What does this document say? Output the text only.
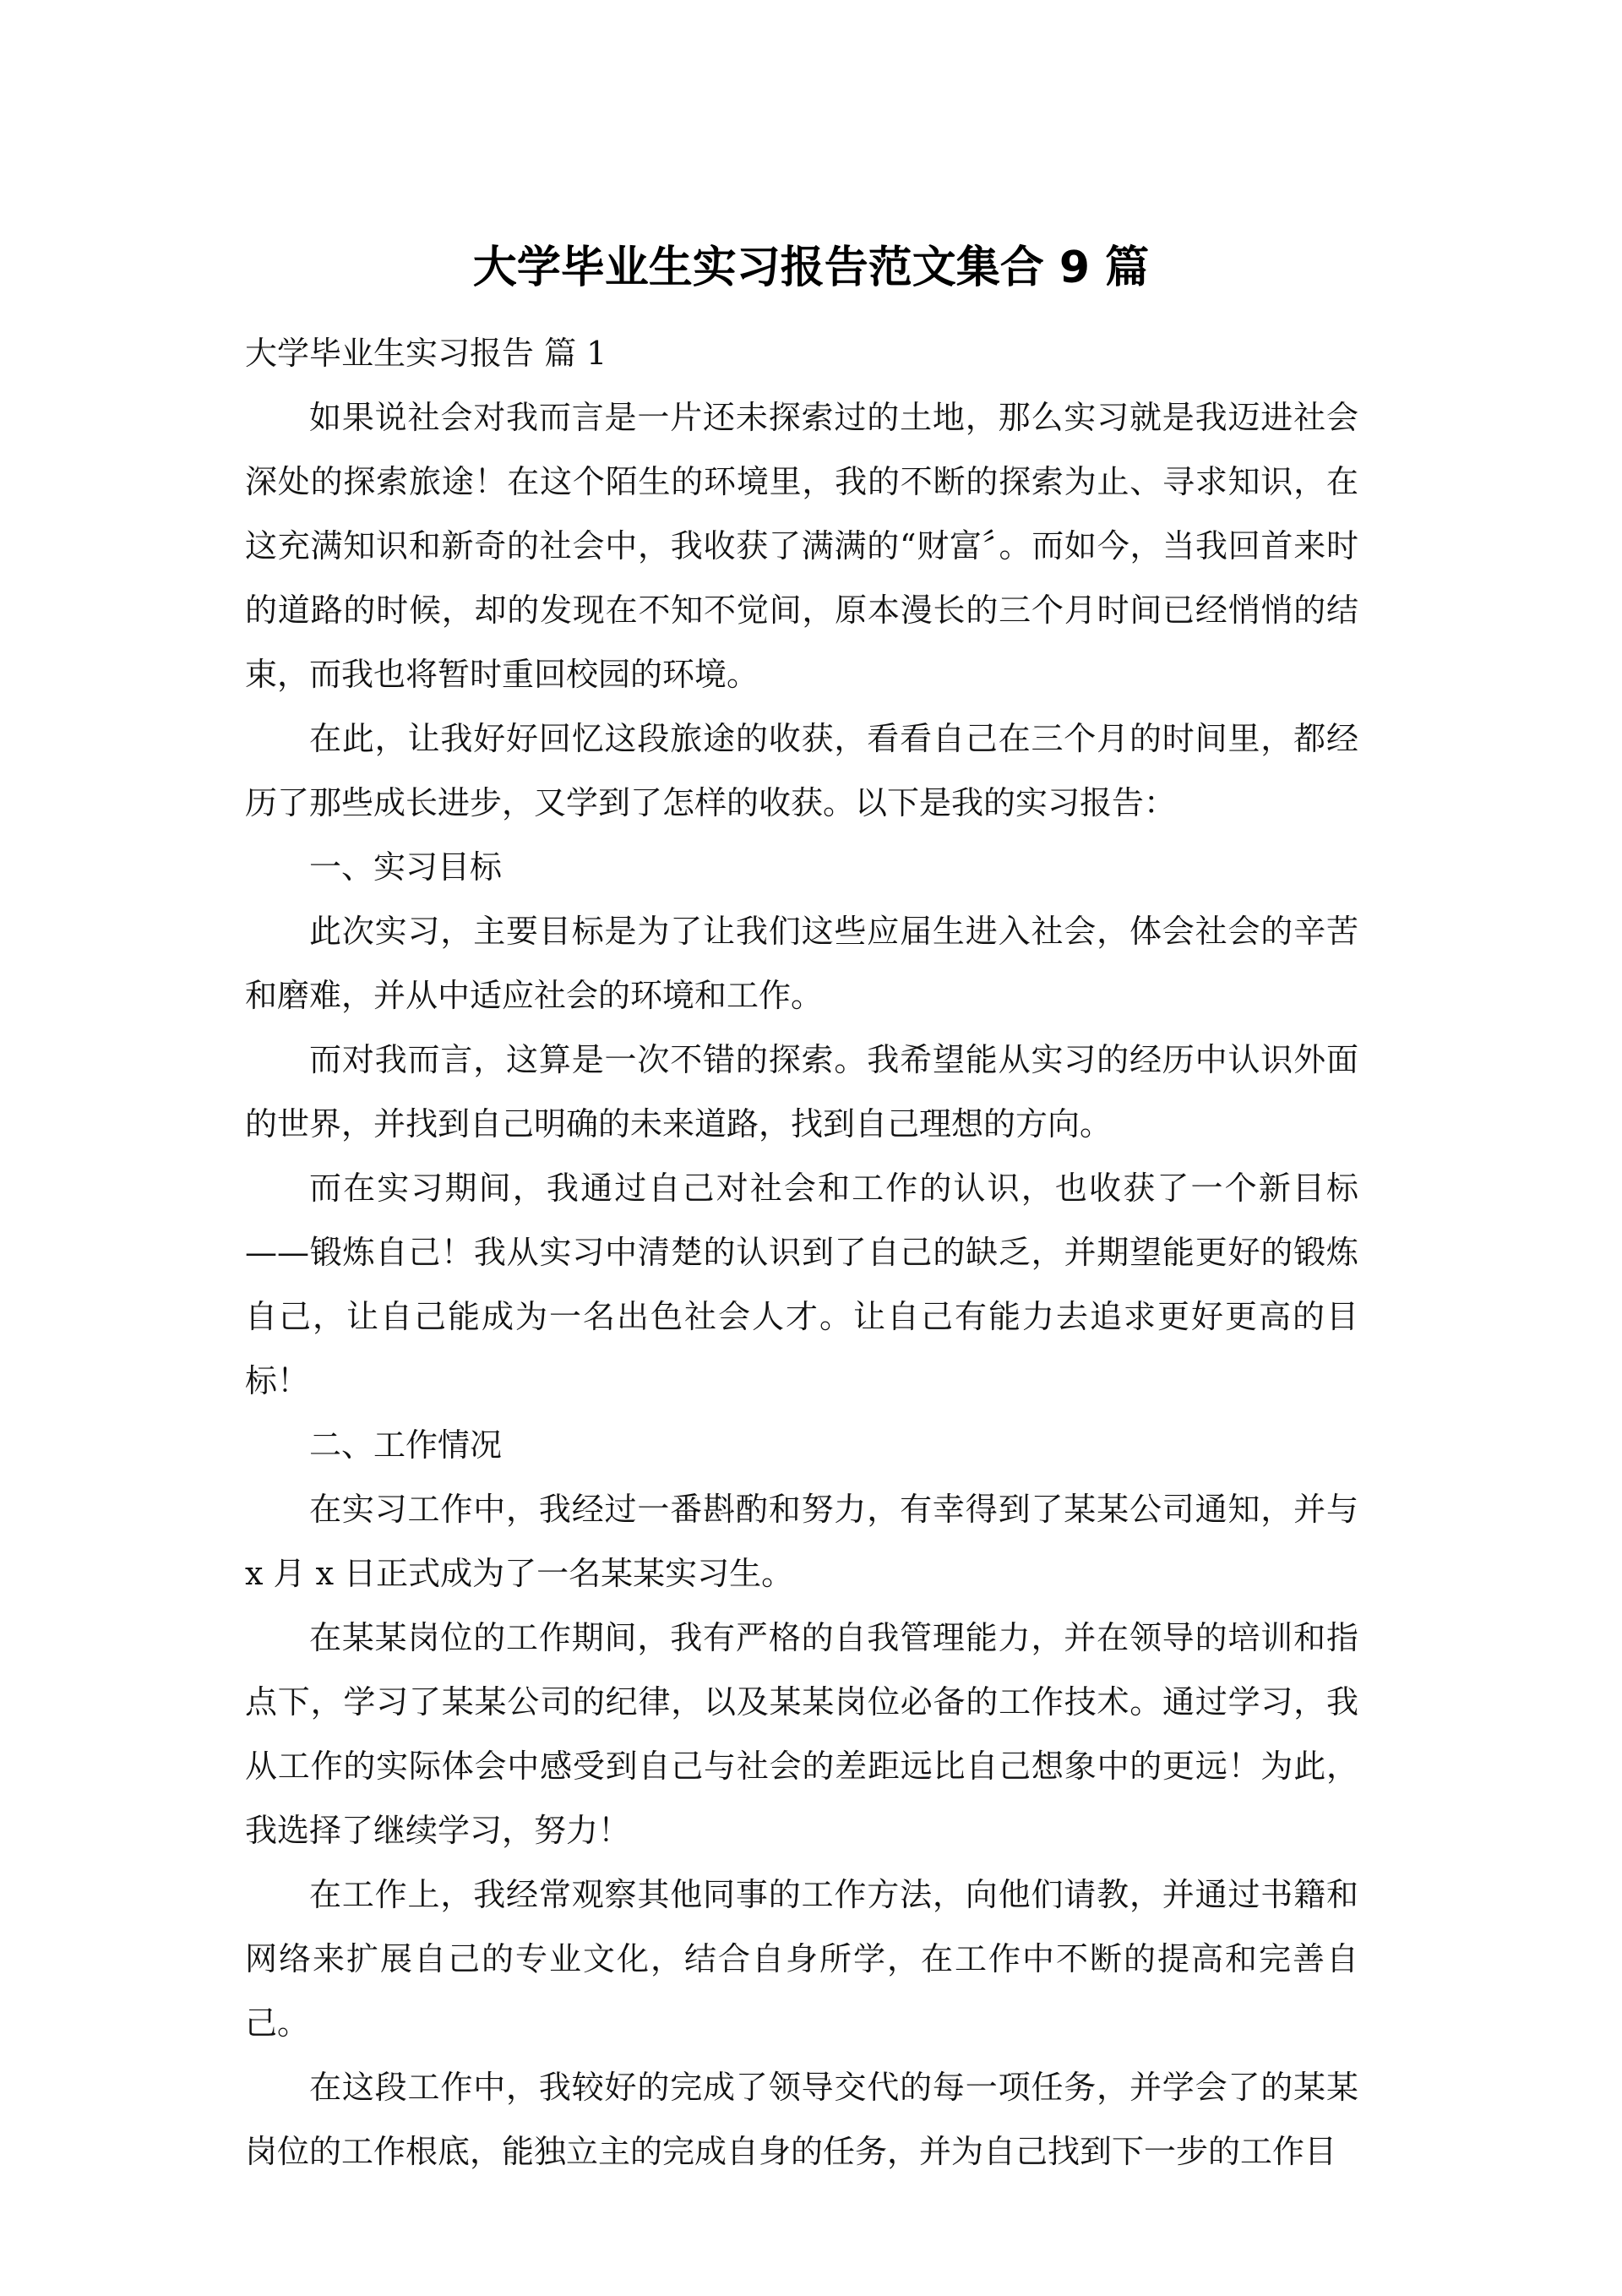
大学毕业生实习报告范文集合 9 篇

大学毕业生实习报告 篇 1

如果说社会对我而言是一片还未探索过的土地，那么实习就是我迈进社会深处的探索旅途！在这个陌生的环境里，我的不断的探索为止、寻求知识，在这充满知识和新奇的社会中，我收获了满满的“财富〞。而如今，当我回首来时的道路的时候，却的发现在不知不觉间，原本漫长的三个月时间已经悄悄的结束，而我也将暂时重回校园的环境。

在此，让我好好回忆这段旅途的收获，看看自己在三个月的时间里，都经历了那些成长进步，又学到了怎样的收获。以下是我的实习报告：

一、实习目标

此次实习，主要目标是为了让我们这些应届生进入社会，体会社会的辛苦和磨难，并从中适应社会的环境和工作。

而对我而言，这算是一次不错的探索。我希望能从实习的经历中认识外面的世界，并找到自己明确的未来道路，找到自己理想的方向。

而在实习期间，我通过自己对社会和工作的认识，也收获了一个新目标——锻炼自己！我从实习中清楚的认识到了自己的缺乏，并期望能更好的锻炼自己，让自己能成为一名出色社会人才。让自己有能力去追求更好更高的目标！

二、工作情况

在实习工作中，我经过一番斟酌和努力，有幸得到了某某公司通知，并与 x 月 x 日正式成为了一名某某实习生。

在某某岗位的工作期间，我有严格的自我管理能力，并在领导的培训和指点下，学习了某某公司的纪律，以及某某岗位必备的工作技术。通过学习，我从工作的实际体会中感受到自己与社会的差距远比自己想象中的更远！为此，我选择了继续学习，努力！

在工作上，我经常观察其他同事的工作方法，向他们请教，并通过书籍和网络来扩展自己的专业文化，结合自身所学，在工作中不断的提高和完善自己。

在这段工作中，我较好的完成了领导交代的每一项任务，并学会了的某某岗位的工作根底，能独立主的完成自身的任务，并为自己找到下一步的工作目
